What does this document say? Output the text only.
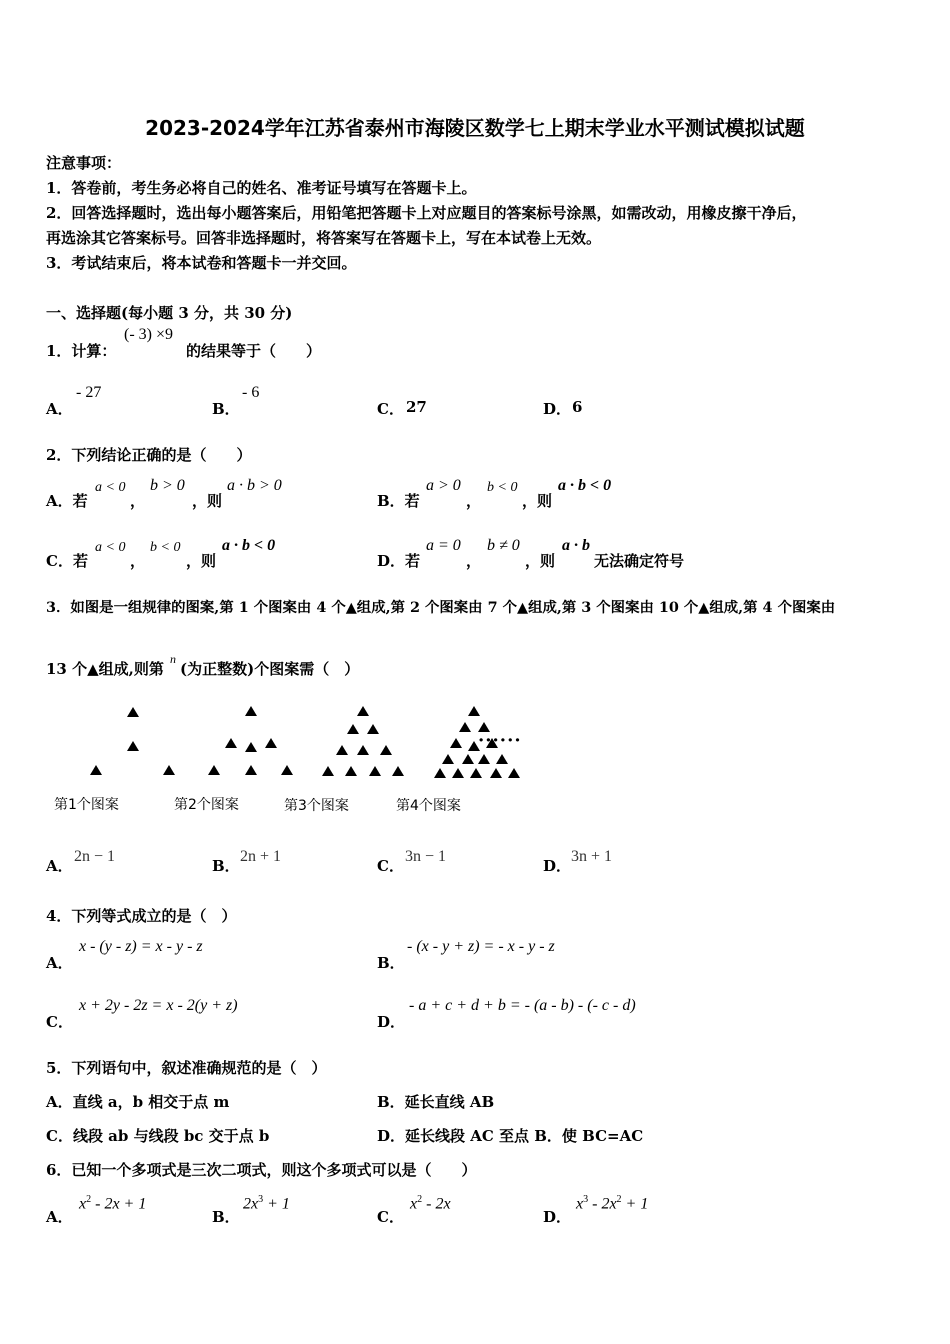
2023-2024学年江苏省泰州市海陵区数学七上期末学业水平测试模拟试题
注意事项：
1．答卷前，考生务必将自己的姓名、准考证号填写在答题卡上。
2．回答选择题时，选出每小题答案后，用铅笔把答题卡上对应题目的答案标号涂黑，如需改动，用橡皮擦干净后，
再选涂其它答案标号。回答非选择题时，将答案写在答题卡上，写在本试卷上无效。
3．考试结束后，将本试卷和答题卡一并交回。
一、选择题(每小题 3 分，共 30 分)
1．计算：
(- 3) ×9
的结果等于（　　）
A．
- 27
B．
- 6
C． 27	D． 6
2．下列结论正确的是（　　）
A．若
a < 0
，
b > 0
，则
a · b > 0
B．若
a > 0
，
b < 0
，则
a · b < 0
C．若
a < 0
，
b < 0
，则
a · b < 0
D．若
a = 0
，
b ≠ 0
，则
a · b
无法确定符号
3．如图是一组规律的图案,第 1 个图案由 4 个▲组成,第 2 个图案由 7 个▲组成,第 3 个图案由 10 个▲组成,第 4 个图案由
13 个▲组成,则第
n
(为正整数)个图案需（　）
······
第1个图案	第2个图案	第3个图案	第4个图案
A．
2n − 1
B．
2n + 1
C．
3n − 1
D．
3n + 1
4．下列等式成立的是（　）
A．
x - (y - z) = x - y - z
B．
- (x - y + z) = - x - y - z
C．
x + 2y - 2z = x - 2(y + z)
D．
- a + c + d + b = - (a - b) - (- c - d)
5．下列语句中，叙述准确规范的是（　）
A．直线 a，b 相交于点 m	B．延长直线 AB
C．线段 ab 与线段 bc 交于点 b	D．延长线段 AC 至点 B．使 BC=AC
6．已知一个多项式是三次二项式，则这个多项式可以是（　　）
A．
$x^2 - 2x + 1$
B．
$2x^3 + 1$
C．
$x^2 - 2x$
D．
$x^3 - 2x^2 + 1$
